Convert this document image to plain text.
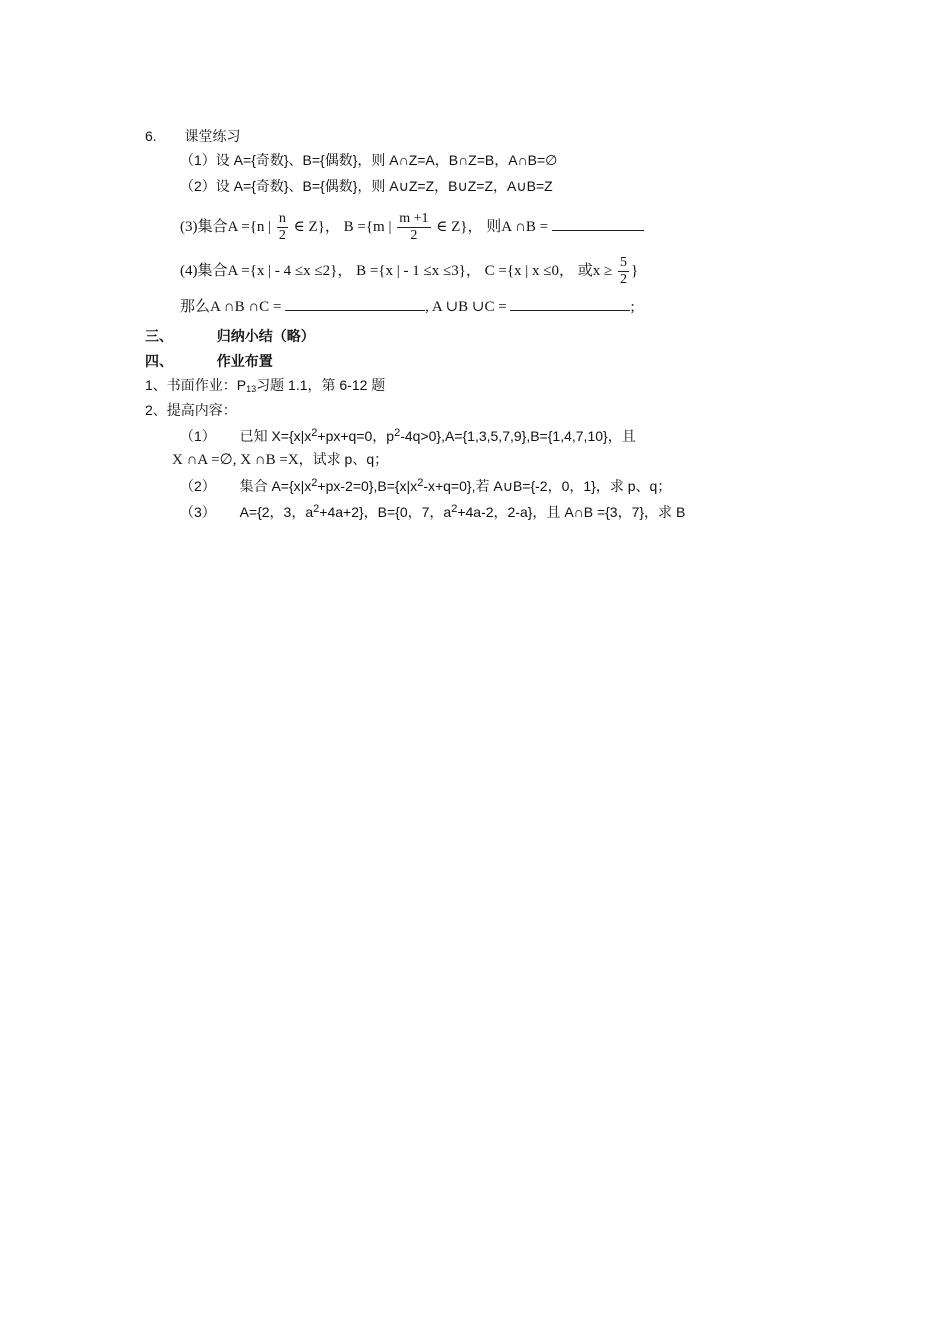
6. 课堂练习
（1）设 A={奇数}、B={偶数}，则 A∩Z=A，B∩Z=B，A∩B=∅
（2）设 A={奇数}、B={偶数}，则 A∪Z=Z，B∪Z=Z，A∪B=Z
(3)集合A ={n | $\frac{n}{2}$ ∈ Z}， B ={m | $\frac{m +1}{2}$ ∈ Z}， 则A ∩B =
(4)集合A ={x | - 4 ≤x ≤2}， B ={x | - 1 ≤x ≤3}， C ={x | x ≤0， 或$x \ge \frac{5}{2}$ }
那么A ∩B ∩C =	, A ∪B ∪C =	;
三、	归纳小结（略）
四、	作业布置
1、书面作业：$P_{13}$习题 1.1，第 6-12 题
2、提高内容：
（1） 已知 $X=\{x|x^2+px+q=0$，$p^2-4q>0\},A=\{1,3,5,7,9\},B=\{1,4,7,10\}$，且
X ∩A =∅, X ∩B =X，试求 p、q；
（2） 集合 $A=\{x|x^2+px-2=0\},B=\{x|x^2-x+q=0\}$,若 A∪B={-2，0，1}，求 p、q；
（3） A={2，3，$a^2+4a+2$}，B={0，7，$a^2+4a-2$，2-a}，且 A∩B ={3，7}，求 B
